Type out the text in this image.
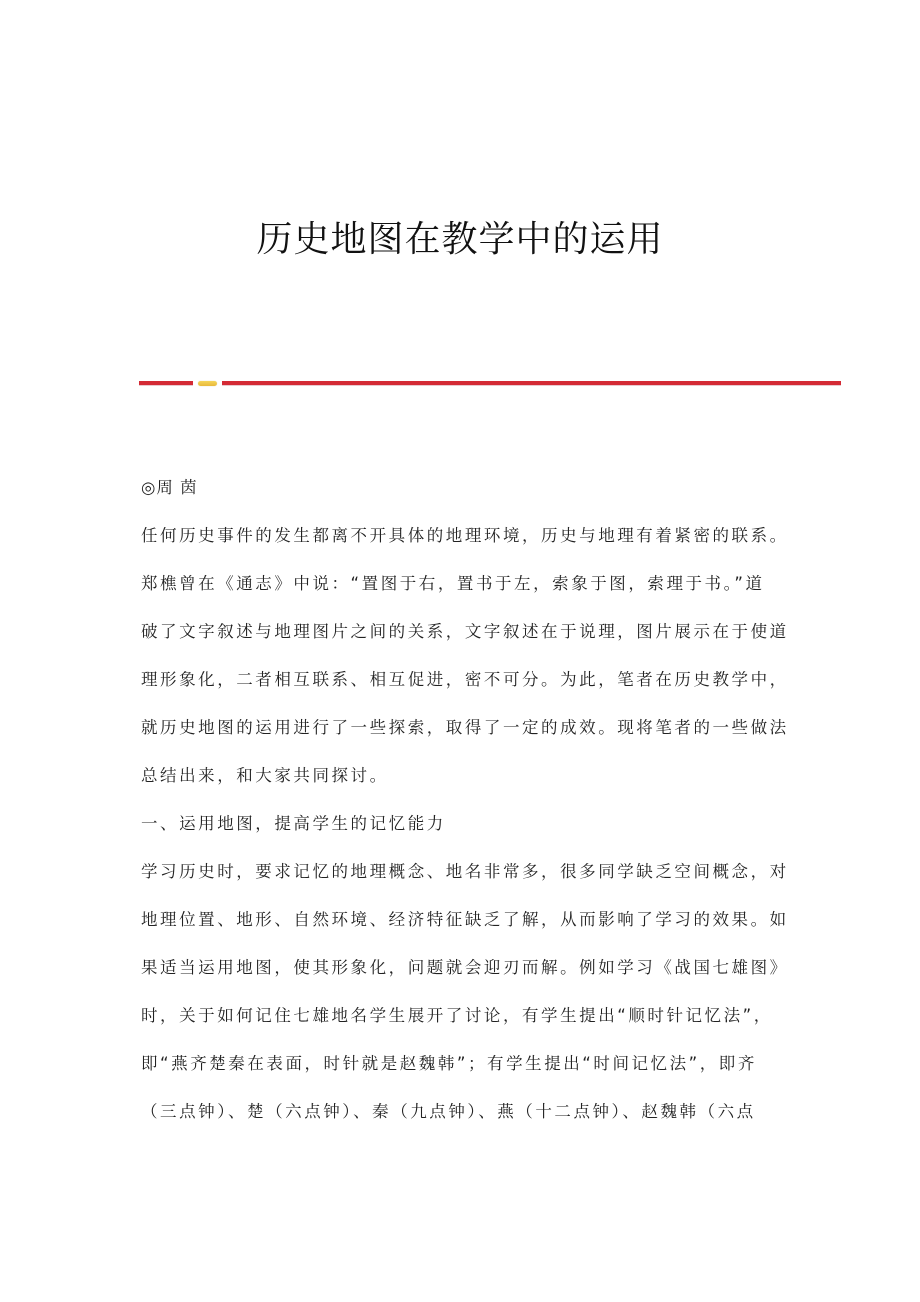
历史地图在教学中的运用
◎周 茵
任何历史事件的发生都离不开具体的地理环境，历史与地理有着紧密的联系。
郑樵曾在《通志》中说：“置图于右，置书于左，索象于图，索理于书。”道
破了文字叙述与地理图片之间的关系，文字叙述在于说理，图片展示在于使道
理形象化，二者相互联系、相互促进，密不可分。为此，笔者在历史教学中，
就历史地图的运用进行了一些探索，取得了一定的成效。现将笔者的一些做法
总结出来，和大家共同探讨。
一、运用地图，提高学生的记忆能力
学习历史时，要求记忆的地理概念、地名非常多，很多同学缺乏空间概念，对
地理位置、地形、自然环境、经济特征缺乏了解，从而影响了学习的效果。如
果适当运用地图，使其形象化，问题就会迎刃而解。例如学习《战国七雄图》
时，关于如何记住七雄地名学生展开了讨论，有学生提出“顺时针记忆法”，
即“燕齐楚秦在表面，时针就是赵魏韩”；有学生提出“时间记忆法”，即齐
（三点钟）、楚（六点钟）、秦（九点钟）、燕（十二点钟）、赵魏韩（六点
